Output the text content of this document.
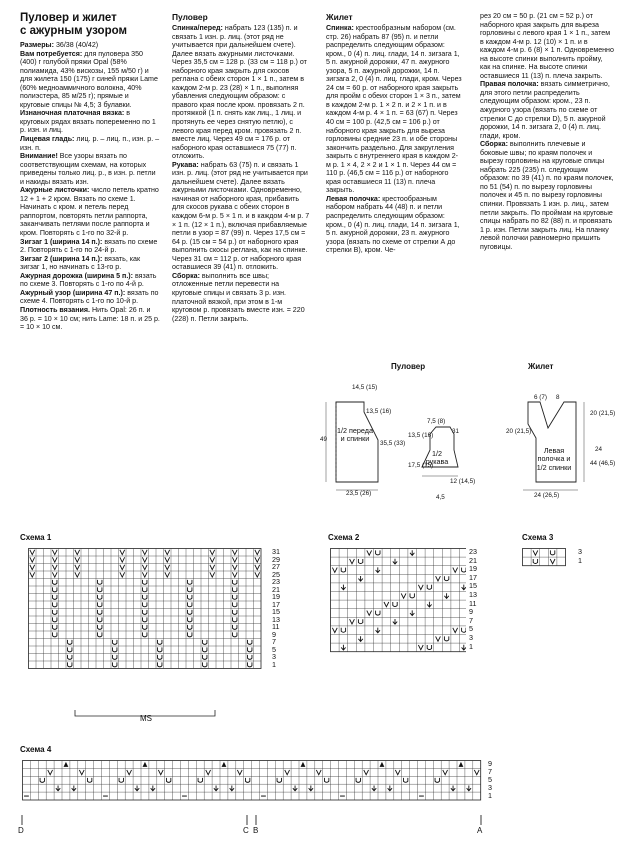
Пуловер и жилет
с ажурным узором

Размеры: 36/38 (40/42)

Вам потребуется: для пуловера 350 (400) г голубой пряжи Opal (58% полиамида, 43% вискозы, 155 м/50 г) и для жилета 150 (175) г синей пряжи Lame (60% медноаммичного волокна, 40% полиэстера, 85 м/25 г); прямые и круговые спицы № 4,5; 3 булавки.

Изнаночная платочная вязка: в круговых рядах вязать попеременно по 1 р. изн. и лиц.

Лицевая гладь: лиц. р. – лиц. п., изн. р. – изн. п.

Внимание! Все узоры вязать по соответствующим схемам, на которых приведены только лиц. р., в изн. р. петли и накиды вязать изн.

Ажурные листочки: число петель кратно 12 + 1 + 2 кром. Вязать по схеме 1. Начинать с кром. и петель перед раппортом, повторять петли раппорта, заканчивать петлями после раппорта и кром. Повторять с 1-го по 32-й р.

Зигзаг 1 (ширина 14 п.): вязать по схеме 2. Повторять с 1-го по 24-й р.

Зигзаг 2 (ширина 14 п.): вязать, как зигзаг 1, но начинать с 13-го р.

Ажурная дорожка (ширина 5 п.): вязать по схеме 3. Повторять с 1-го по 4-й р.

Ажурный узор (ширина 47 п.): вязать по схеме 4. Повторять с 1-го по 10-й р.

Плотность вязания. Нить Opal: 26 п. и 36 р. = 10 × 10 см; нить Lame: 18 п. и 25 р. = 10 × 10 см.

Пуловер

Спинка/перед: набрать 123 (135) п. и связать 1 изн. р. лиц. (этот ряд не учитывается при дальнейшем счете). Далее вязать ажурными листочками. Через 35,5 см = 128 р. (33 см = 118 р.) от наборного края закрыть для скосов реглана с обеих сторон 1 × 1 п., затем в каждом 2-м р. 23 (28) × 1 п., выполняя убавления следующим образом: с правого края после кром. провязать 2 п. протяжкой (1 п. снять как лиц., 1 лиц. и протянуть ее через снятую петлю), с левого края перед кром. провязать 2 п. вместе лиц. Через 49 см = 176 р. от наборного края оставшиеся 75 (77) п. отложить.

Рукава: набрать 63 (75) п. и связать 1 изн. р. лиц. (этот ряд не учитывается при дальнейшем счете). Далее вязать ажурными листочками. Одновременно, начиная от наборного края, прибавить для скосов рукава с обеих сторон в каждом 6-м р. 5 × 1 п. и в каждом 4-м р. 7 × 1 п. (12 × 1 п.), включая прибавляемые петли в узор = 87 (99) п. Через 17,5 см = 64 р. (15 см = 54 р.) от наборного края выполнить скосы реглана, как на спинке. Через 31 см = 112 р. от наборного края оставшиеся 39 (41) п. отложить.

Сборка: выполнить все швы; отложенные петли перевести на круговые спицы и связать 3 р. изн. платочной вязкой, при этом в 1-м круговом р. провязать вместе изн. = 220 (228) п. Петли закрыть.

Жилет

Спинка: крестообразным набором (см. стр. 26) набрать 87 (95) п. и петли распределить следующим образом: кром., 0 (4) п. лиц. глади, 14 п. зигзага 1, 5 п. ажурной дорожки, 47 п. ажурного узора, 5 п. ажурной дорожки, 14 п. зигзага 2, 0 (4) п. лиц. глади, кром. Через 24 см = 60 р. от наборного края закрыть для пройм с обеих сторон 1 × 3 п., затем в каждом 2-м р. 1 × 2 п. и 2 × 1 п. и в каждом 4-м р. 4 × 1 п. = 63 (67) п. Через 40 см = 100 р. (42,5 см = 106 р.) от наборного края закрыть для выреза горловины средние 23 п. и обе стороны закончить раздельно. Для закругления закрыть с внутреннего края в каждом 2-м р. 1 × 4, 2 × 2 и 1 × 1 п. Через 44 см = 110 р. (46,5 см = 116 р.) от наборного края оставшиеся 11 (13) п. плеча закрыть.

Левая полочка: крестообразным набором набрать 44 (48) п. и петли распределить следующим образом: кром., 0 (4) п. лиц. глади, 14 п. зигзага 1, 5 п. ажурной дорожки, 23 п. ажурного узора (вязать по схеме от стрелки А до стрелки В), кром. Че-

рез 20 см = 50 р. (21 см = 52 р.) от наборного края закрыть для выреза горловины с левого края 1 × 1 п., затем в каждом 4-м р. 12 (10) × 1 п. и в каждом 4-м р. 6 (8) × 1 п. Одновременно на высоте спинки выполнить пройму, как на спинке. На высоте спинки оставшиеся 11 (13) п. плеча закрыть.

Правая полочка: вязать симметрично, для этого петли распределить следующим образом: кром., 23 п. ажурного узора (вязать по схеме от стрелки С до стрелки D), 5 п. ажурной дорожки, 14 п. зигзага 2, 0 (4) п. лиц. глади, кром.

Сборка: выполнить плечевые и боковые швы; по краям полочек и вырезу горловины на круговые спицы набрать 225 (235) п. следующим образом: по 39 (41) п. по краям полочек, по 51 (54) п. по вырезу горловины полочек и 45 п. по вырезу горловины спинки. Провязать 1 изн. р. лиц., затем петли закрыть. По проймам на круговые спицы набрать по 82 (88) п. и провязать 1 р. изн. Петли закрыть лиц. На планку левой полочки равномерно пришить пуговицы.

Пуловер	Жилет
1/2 переда и спинки
1/2 рукава
Левая полочка и 1/2 спинки
14,5 (15)
13,5 (16)
49
35,5 (33)
23,5 (26)
7,5 (8)
13,5 (16)
31
17,5 (15)
12 (14,5)
4,5
6 (7) 8
20 (21,5)
20 (21,5)
24
44 (46,5)
24 (26,5)
Схема 1	Схема 2	Схема 3
Схема 4
31
29
27
25
23
21
19
17
15
13
11
9
7
5
3
1
23
21
19
17
15
13
11
9
7
5
3
1
3
1
9
7
5
3
1
MS
D	C B	A
